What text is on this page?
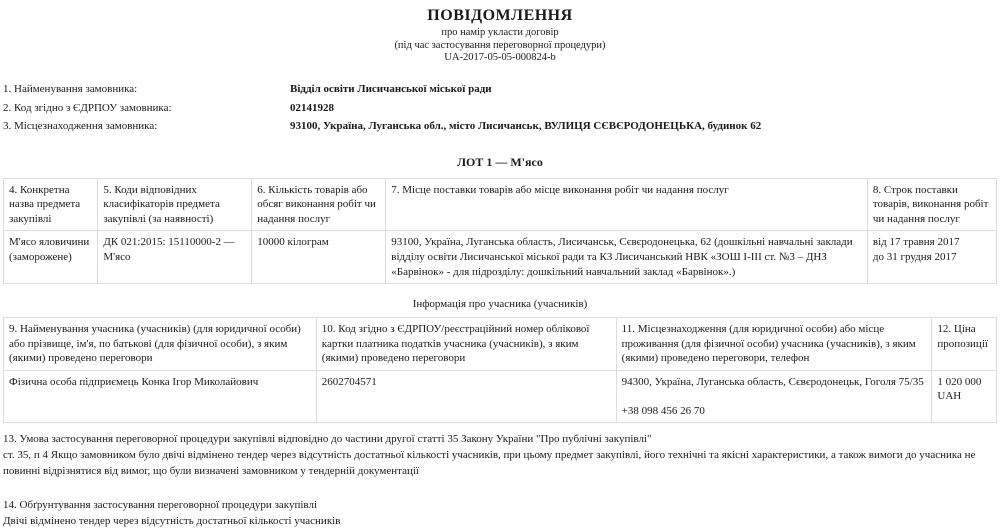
ПОВІДОМЛЕННЯ
про намір укласти договір
(під час застосування переговорної процедури)
UA-2017-05-05-000824-b
1. Найменування замовника:	Відділ освіти Лисичанської міської ради
2. Код згідно з ЄДРПОУ замовника:	02141928
3. Місцезнаходження замовника:	93100, Україна, Луганська обл., місто Лисичанськ, ВУЛИЦЯ СЄВЄРОДОНЕЦЬКА, будинок 62
ЛОТ 1 — М'ясо
4. Конкретна назва предмета закупівлі	5. Коди відповідних класифікаторів предмета закупівлі (за наявності)	6. Кількість товарів або обсяг виконання робіт чи надання послуг	7. Місце поставки товарів або місце виконання робіт чи надання послуг	8. Строк поставки товарів, виконання робіт чи надання послуг
М'ясо яловичини (заморожене)	ДК 021:2015: 15110000-2 — М'ясо	10000 кілограм	93100, Україна, Луганська область, Лисичанськ, Сєвєродонецька, 62 (дошкільні навчальні заклади відділу освіти Лисичанської міської ради та КЗ Лисичанський НВК «ЗОШ І-ІІІ ст. №3 – ДНЗ «Барвінок» - для підрозділу: дошкільний навчальний заклад «Барвінок».)	від 17 травня 2017
до 31 грудня 2017
Інформація про учасника (учасників)
9. Найменування учасника (учасників) (для юридичної особи) або прізвище, ім'я, по батькові (для фізичної особи), з яким (якими) проведено переговори	10. Код згідно з ЄДРПОУ/реєстраційний номер облікової картки платника податків учасника (учасників), з яким (якими) проведено переговори	11. Місцезнаходження (для юридичної особи) або місце проживання (для фізичної особи) учасника (учасників), з яким (якими) проведено переговори, телефон	12. Ціна пропозиції
Фізична особа підприємець Конка Ігор Миколайович	2602704571	94300, Україна, Луганська область, Сєвєродонецьк, Гоголя 75/35

+38 098 456 26 70	1 020 000
UAH
13. Умова застосування переговорної процедури закупівлі відповідно до частини другої статті 35 Закону України "Про публічні закупівлі"
ст. 35, п 4 Якщо замовником було двічі відмінено тендер через відсутність достатньої кількості учасників, при цьому предмет закупівлі, його технічні та якісні характеристики, а також вимоги до учасника не повинні відрізнятися від вимог, що були визначені замовником у тендерній документації
14. Обґрунтування застосування переговорної процедури закупівлі
Двічі відмінено тендер через відсутність достатньої кількості учасників
